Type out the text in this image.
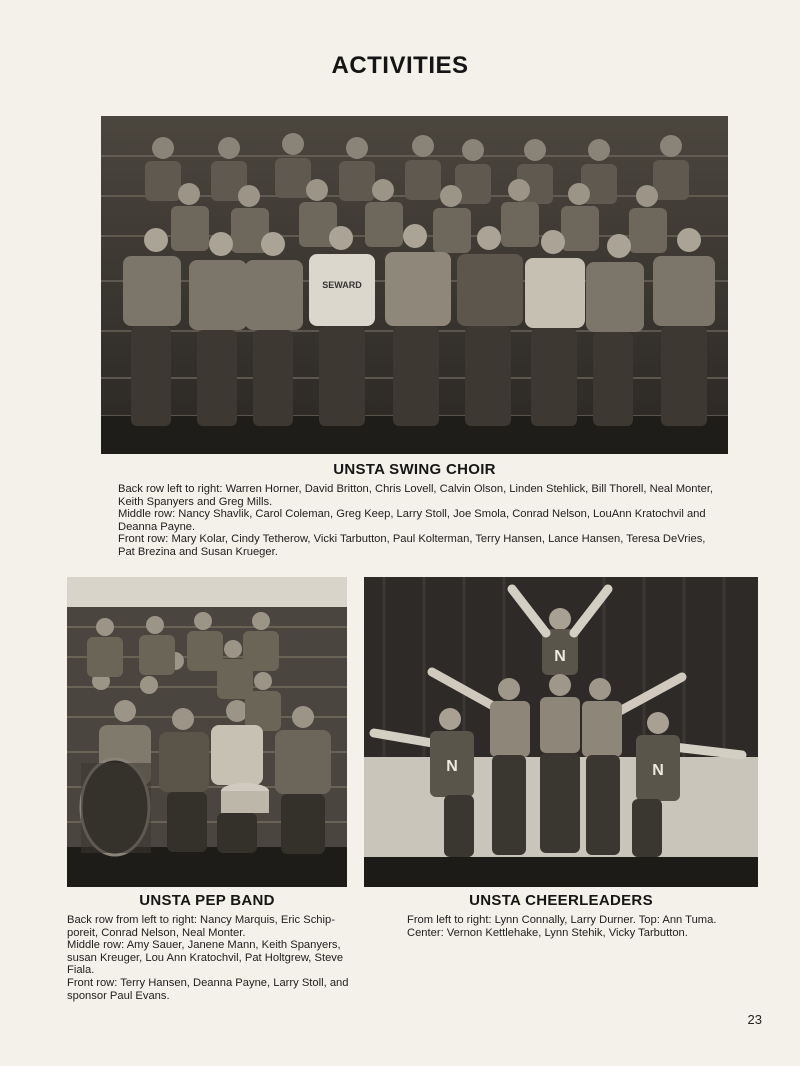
ACTIVITIES
SEWARD
UNSTA SWING CHOIR

Back row left to right: Warren Horner, David Britton, Chris Lovell, Calvin Olson, Linden Stehlick, Bill Thorell, Neal Monter, Keith Spanyers and Greg Mills.

Middle row: Nancy Shavlik, Carol Coleman, Greg Keep, Larry Stoll, Joe Smola, Conrad Nelson, LouAnn Kratochvil and Deanna Payne.

Front row: Mary Kolar, Cindy Tetherow, Vicki Tarbutton, Paul Kolterman, Terry Hansen, Lance Hansen, Teresa DeVries, Pat Brezina and Susan Krueger.

UNSTA PEP BAND

Back row from left to right: Nancy Marquis, Eric Schip-poreit, Conrad Nelson, Neal Monter.

Middle row: Amy Sauer, Janene Mann, Keith Spanyers, susan Kreuger, Lou Ann Kratochvil, Pat Holtgrew, Steve Fiala.

Front row: Terry Hansen, Deanna Payne, Larry Stoll, and sponsor Paul Evans.

N
N	N
UNSTA CHEERLEADERS

From left to right: Lynn Connally, Larry Durner. Top: Ann Tuma.

Center: Vernon Kettlehake, Lynn Stehik, Vicky Tarbutton.

23
